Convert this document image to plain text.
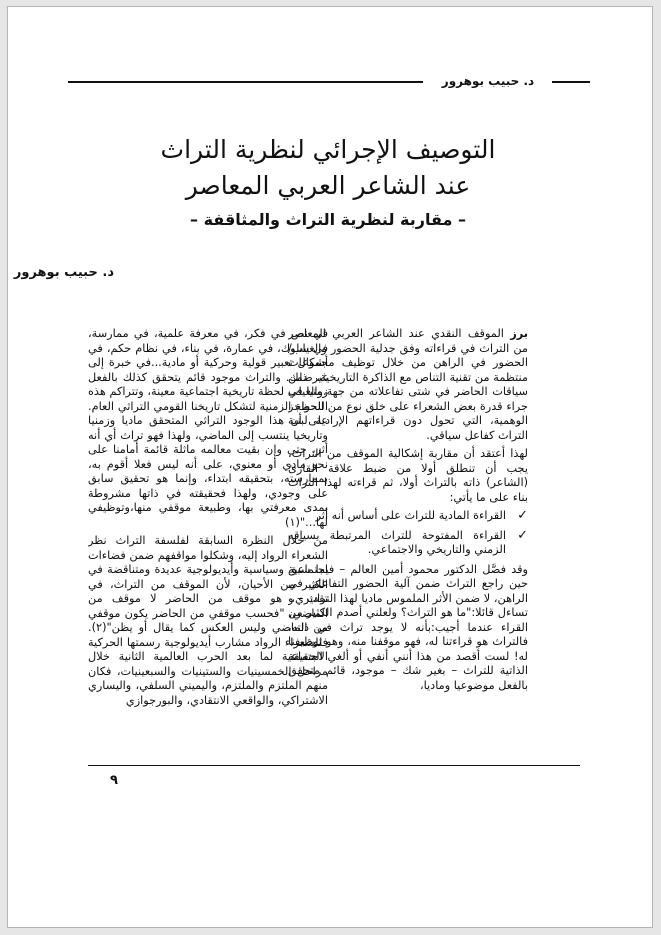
د. حبيب بوهرور
التوصيف الإجرائي لنظرية التراث
عند الشاعر العربي المعاصر
– مقاربة لنظرية التراث والمثاقفة –
د. حبيب بوهرور

برز الموقف النقدي عند الشاعر العربي المعاصر من التراث في قراءاته وفق جدلية الحضور والغياب/الحضور في الراهن من خلال توظيف مجموعات منتظمة من تقنية التناص مع الذاكرة التاريخية، ضمن سياقات الحاضر في شتى تفاعلاته من جهة،والغياب جراء قدرة بعض الشعراء على خلق نوع من الحواجز الوهمية، التي تحول دون قراءاتهم الإرادية لبنية التراث كفاعل سياقي.

لهذا أعتقد أن مقاربة إشكالية الموقف من التراث، يجب أن تنطلق أولا من ضبط علاقة القارئ (الشاعر) ذاته بالتراث أولا، ثم قراءته لهذا التراث بناء على ما يأتي:

✓
القراءة المادية للتراث على أساس أنه أثر
✓
القراءة المفتوحة للتراث المرتبطة بسياقه الزمني والتاريخي والاجتماعي.

وقد فصَّل الدكتور محمود أمين العالم – فيما سبق حين راجع التراث ضمن آلية الحضور التفاعلي في الراهن، لا ضمن الأثر الملموس ماديا لهذا التراث – و تساءل قائلا:"ما هو التراث؟ ولعلني أصدم الكثير من القراء عندما أجيب:بأنه لا يوجد تراث في ذاته، فالتراث هو قراءتنا له، فهو موقفنا منه، وهو توظيفنا له! لست أقصد من هذا أنني أنفي أو ألغي الحقيقة الذاتية للتراث – بغير شك – موجود، قائم متحقق بالفعل موضوعيا وماديا،

في نص في فكر، في معرفة علمية، في ممارسة، في سلوك، في عمارة، في بناء، في نظام حكم، في أشكال تعبير قولية وحركية أو مادية...في خبرة إلى غير ذلك. والتراث موجود قائم يتحقق كذلك بالفعل زمنيا في لحظة تاريخية اجتماعية معينة، وتتراكم هذه اللحظة الزمنية لتشكل تاريخنا القومي التراثي العام. على أن هذا الوجود التراثي المتحقق ماديا وزمنيا وتاريخيا ينتسب إلى الماضي، ولهذا فهو تراث أي أنه أثر، حتى وإن بقيت معالمه ماثلة قائمة أمامنا على نحو مادي أو معنوي، على أنه ليس فعلا أقوم به، بممارسته، بتحقيقه ابتداء، وإنما هو تحقيق سابق على وجودي، ولهذا فحقيقته في ذاتها مشروطة بمدى معرفتي بها، وطبيعة موقفي منها،وتوظيفي لها..."(١)

من خلال النظرة السابقة لفلسفة التراث نظر الشعراء الرواد إليه، وشكلوا مواقفهم ضمن فضاءات اجتماعية وسياسية وأيديولوجية عديدة ومتناقضة في الكثير من الأحيان، لأن الموقف من التراث، في تقديري، هو موقف من الحاضر لا موقف من الماضي، "فحسب موقفي من الحاضر يكون موقفي من الماضي وليس العكس كما يقال أو يظن"(٢). فللشعراء الرواد مشارب أيديولوجية رسمتها الحركية الاجتماعية لما بعد الحرب العالمية الثانية خلال مراحل الخمسينيات والستينيات والسبعينيات، فكان منهم الملتزم والملتزم، واليميني السلفي، واليساري الاشتراكي، والواقعي الانتقادي، والبورجوازي

٩
